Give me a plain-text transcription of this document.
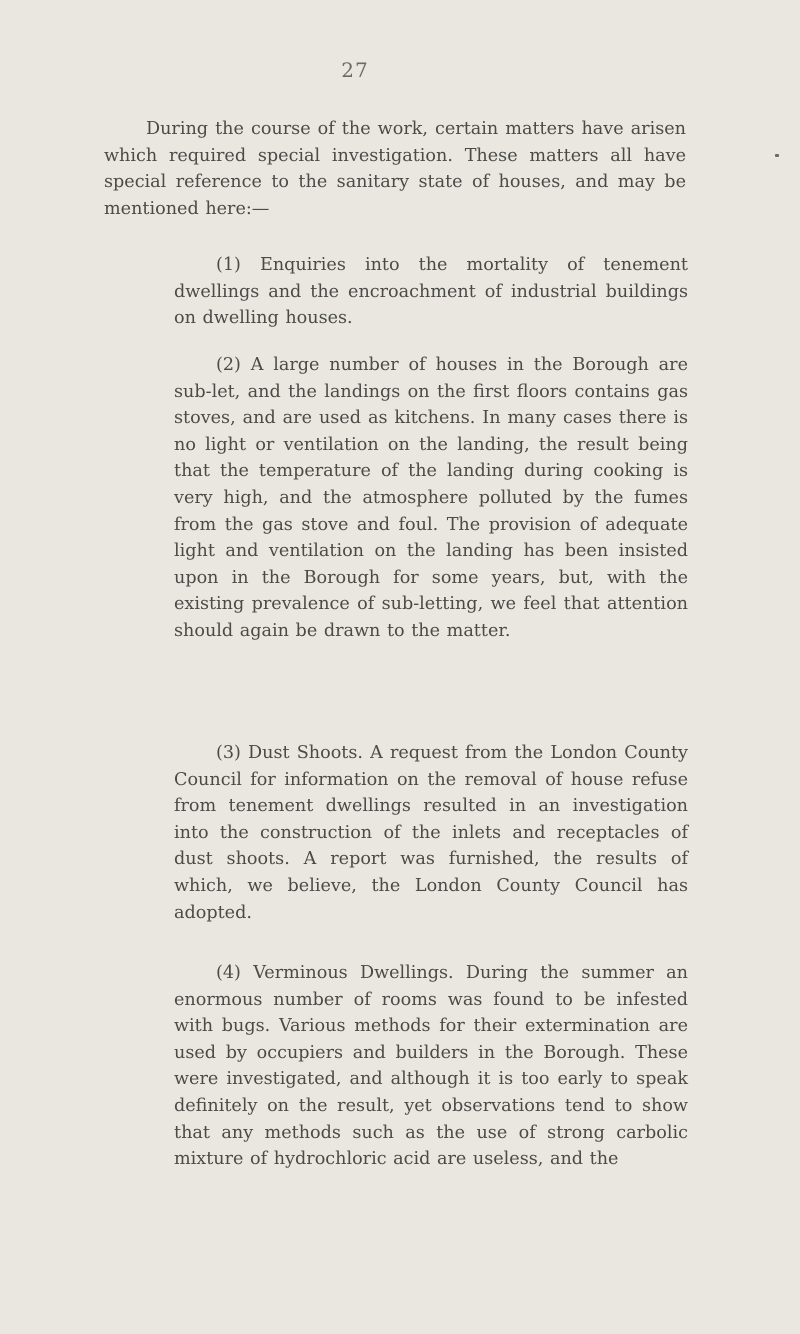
27

During the course of the work, certain matters have arisen which required special investigation. These matters all have special reference to the sanitary state of houses, and may be mentioned here:—

(1) Enquiries into the mortality of tenement dwellings and the encroachment of industrial buildings on dwelling houses.

(2) A large number of houses in the Borough are sub-let, and the landings on the first floors contains gas stoves, and are used as kitchens. In many cases there is no light or ventilation on the landing, the result being that the temperature of the landing during cooking is very high, and the atmosphere polluted by the fumes from the gas stove and foul. The provision of adequate light and ventilation on the landing has been insisted upon in the Borough for some years, but, with the existing prevalence of sub-letting, we feel that attention should again be drawn to the matter.

(3) Dust Shoots. A request from the London County Council for information on the removal of house refuse from tenement dwellings resulted in an investigation into the construction of the inlets and receptacles of dust shoots. A report was furnished, the results of which, we believe, the London County Council has adopted.

(4) Verminous Dwellings. During the summer an enormous number of rooms was found to be infested with bugs. Various methods for their extermination are used by occupiers and builders in the Borough. These were investigated, and although it is too early to speak definitely on the result, yet observations tend to show that any methods such as the use of strong carbolic mixture of hydrochloric acid are useless, and the
